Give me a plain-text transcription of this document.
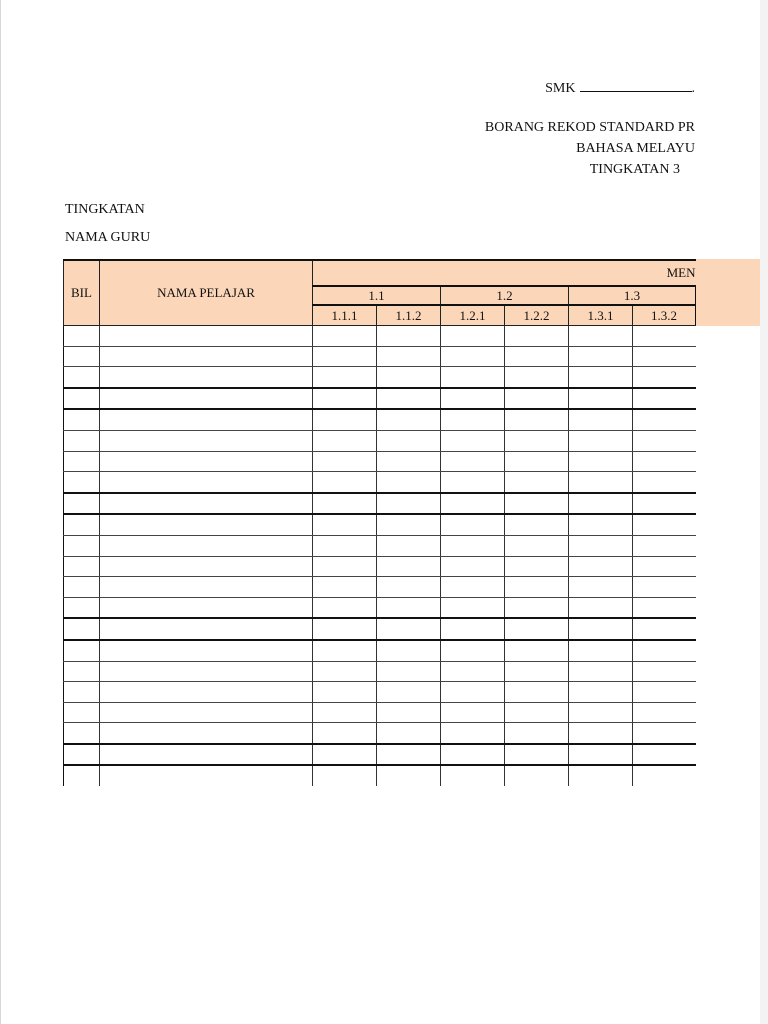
SMK	.
BORANG REKOD STANDARD PR
BAHASA MELAYU
TINGKATAN 3
TINGKATAN
NAMA GURU
BIL	NAMA PELAJAR	MEN					
		1.1		1.2		1.3	
		1.1.1	1.1.2	1.2.1	1.2.2	1.3.1	1.3.2
